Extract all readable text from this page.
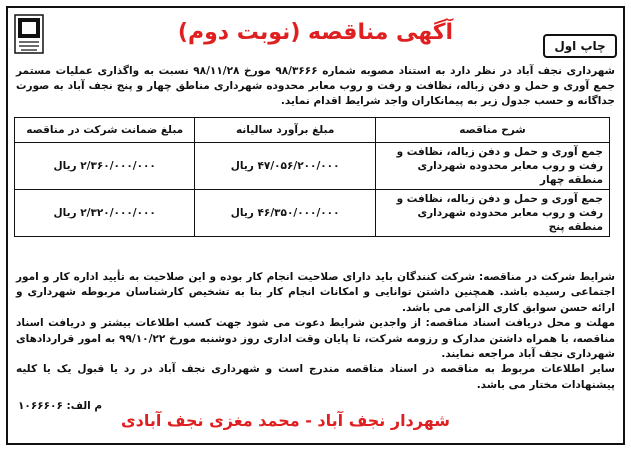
آگهی مناقصه (نوبت دوم)
چاپ اول
شهرداری نجف آباد در نظر دارد به استناد مصوبه شماره ۹۸/۳۶۶۶ مورخ ۹۸/۱۱/۲۸ نسبت به واگذاری عملیات مستمر جمع آوری و حمل و دفن زباله، نظافت و رفت و روب معابر محدوده شهرداری مناطق چهار و پنج نجف آباد به صورت جداگانه و حسب جدول زیر به پیمانکاران واجد شرایط اقدام نماید.

شرایط شرکت در مناقصه: شرکت کنندگان باید دارای صلاحیت انجام کار بوده و این صلاحیت به تأیید اداره کار و امور اجتماعی رسیده باشد. همچنین داشتن توانایی و امکانات انجام کار بنا به تشخیص کارشناسان مربوطه شهرداری و ارائه حسن سوابق کاری الزامی می باشد.

مهلت و محل دریافت اسناد مناقصه: از واجدین شرایط دعوت می شود جهت کسب اطلاعات بیشتر و دریافت اسناد مناقصه، با همراه داشتن مدارک و رزومه شرکت، تا پایان وقت اداری روز دوشنبه مورخ ۹۹/۱۰/۲۲ به امور قراردادهای شهرداری نجف آباد مراجعه نمایند.

سایر اطلاعات مربوط به مناقصه در اسناد مناقصه مندرج است و شهرداری نجف آباد در رد یا قبول یک یا کلیه پیشنهادات مختار می باشد.

م الف: ۱۰۶۶۶۰۶
شهردار نجف آباد - محمد مغزی نجف آبادی
شرح مناقصه	مبلغ برآورد سالیانه	مبلغ ضمانت شرکت در مناقصه
جمع آوری و حمل و دفن زباله، نظافت و رفت و روب معابر محدوده شهرداری منطقه چهار	۴۷/۰۵۶/۲۰۰/۰۰۰ ریال	۲/۳۶۰/۰۰۰/۰۰۰ ریال
جمع آوری و حمل و دفن زباله، نظافت و رفت و روب معابر محدوده شهرداری منطقه پنج	۴۶/۳۵۰/۰۰۰/۰۰۰ ریال	۲/۳۲۰/۰۰۰/۰۰۰ ریال
